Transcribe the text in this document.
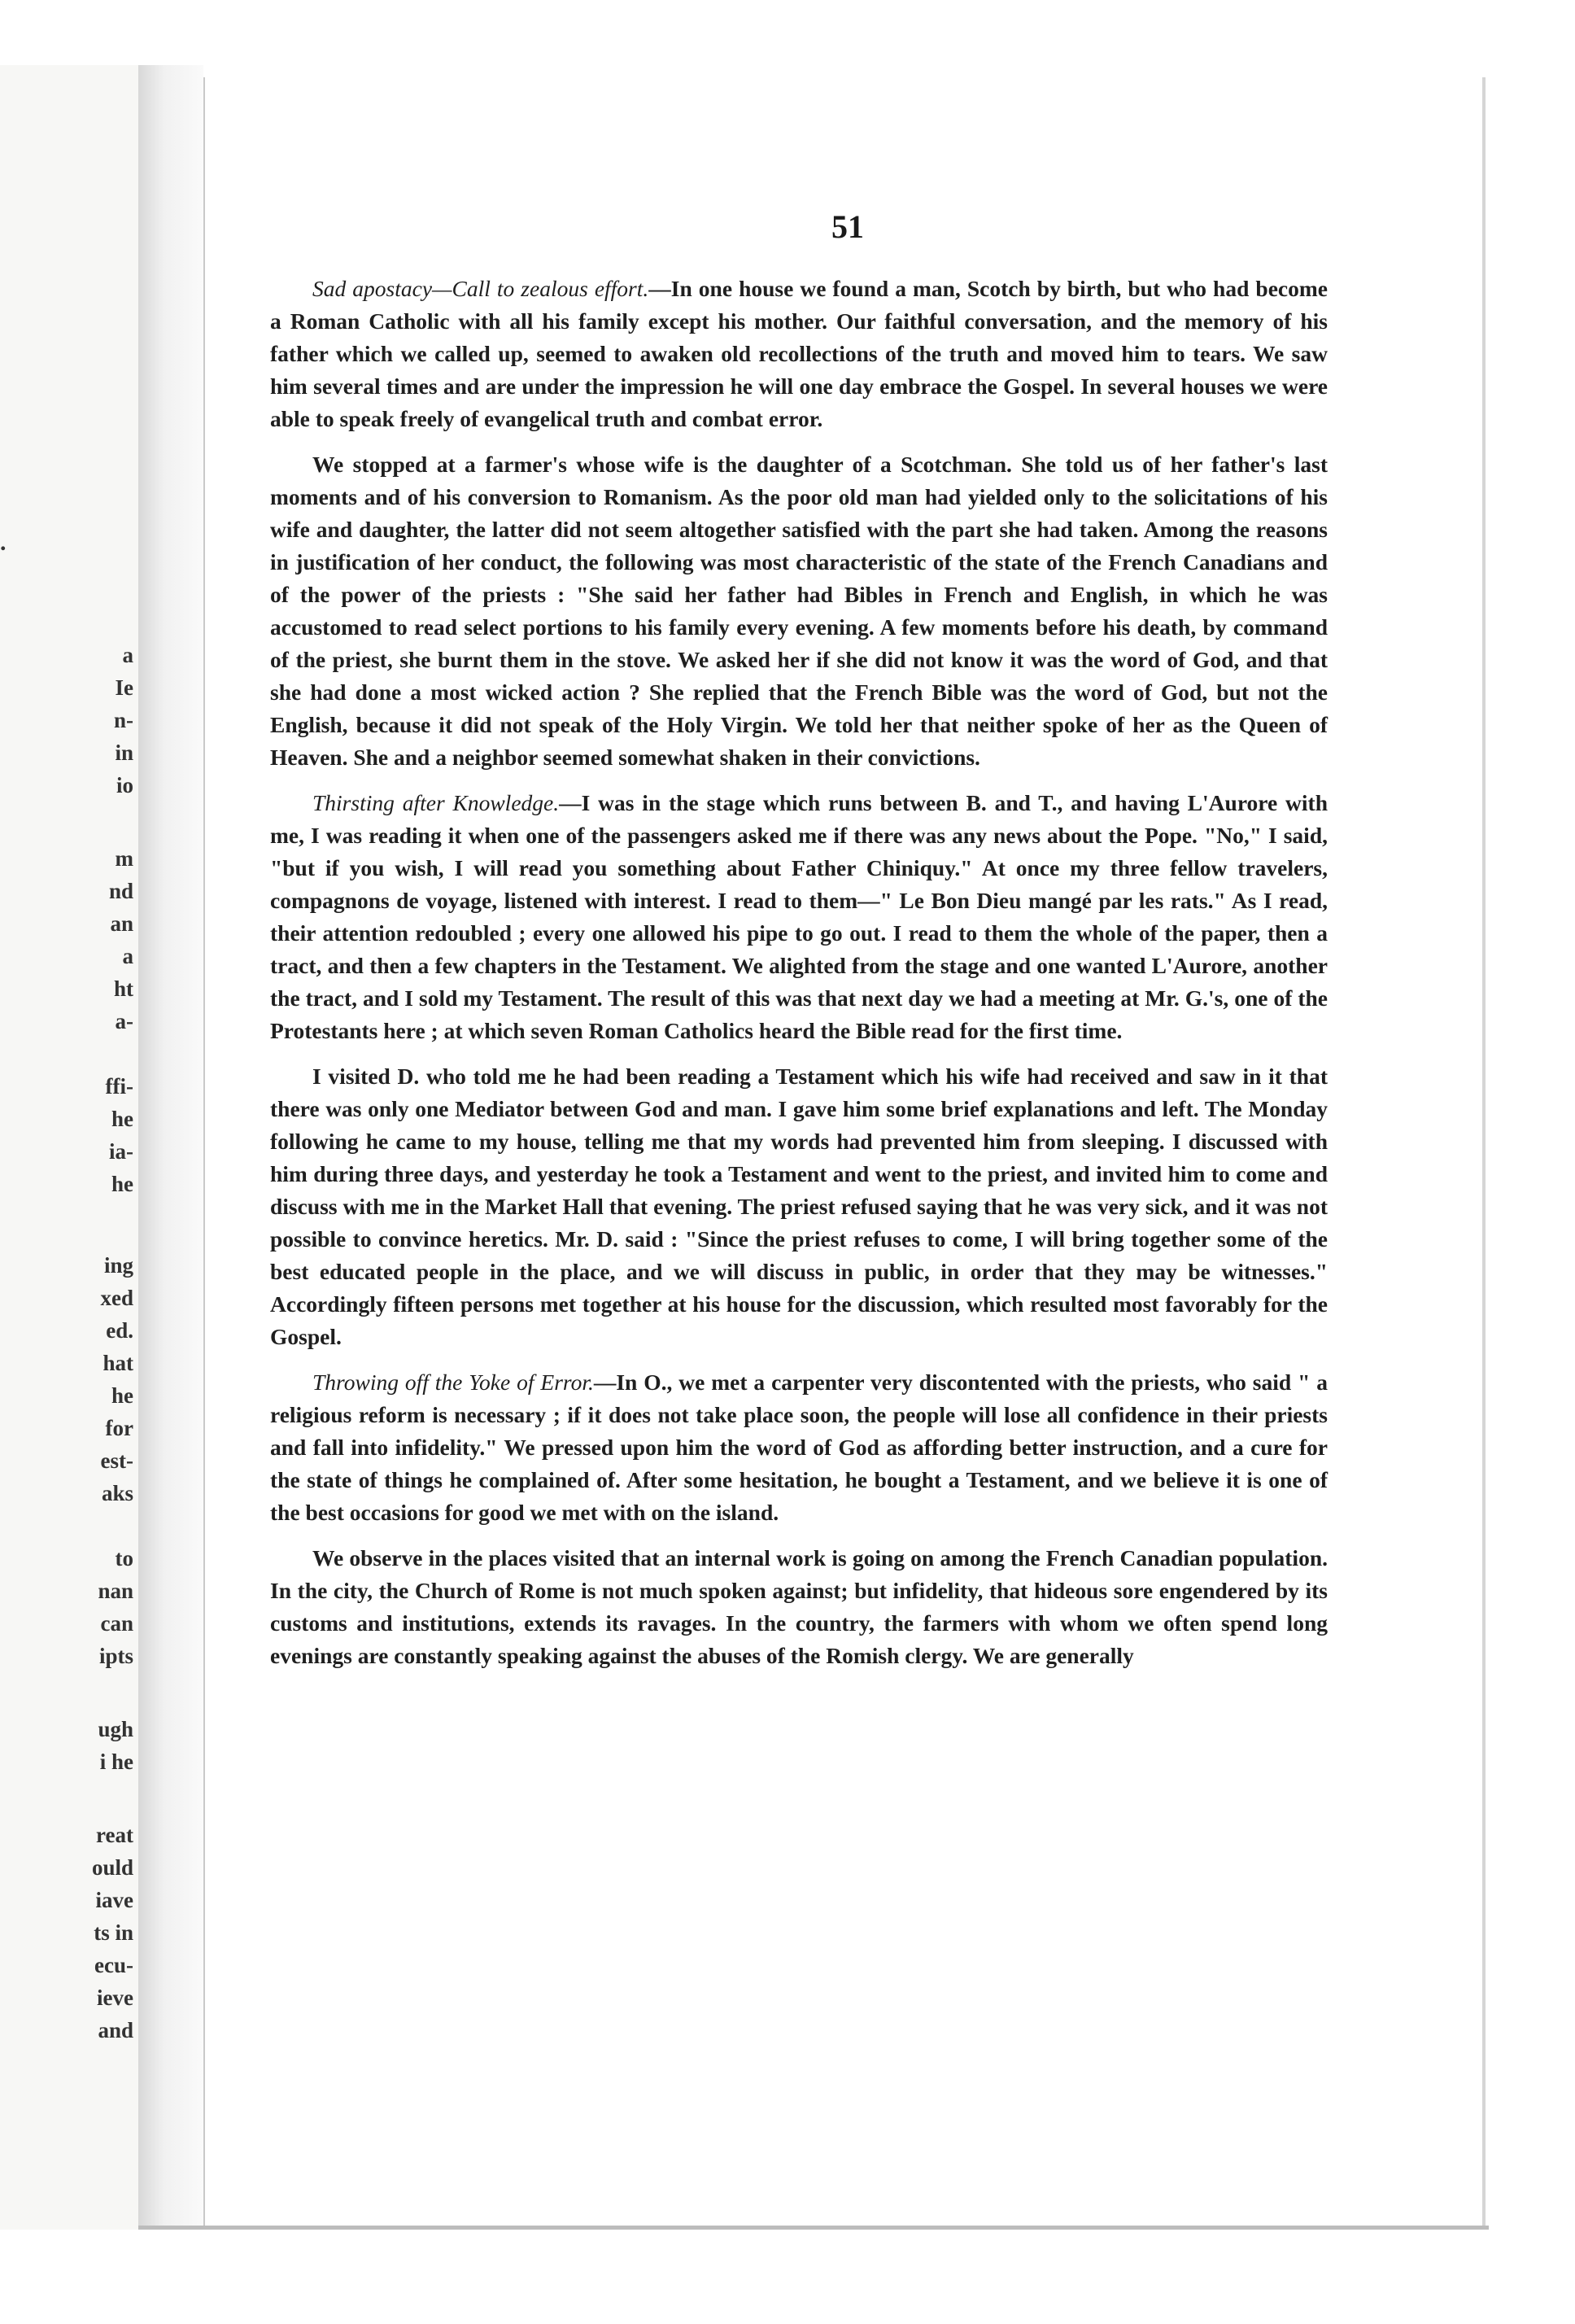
.
a
Ie
n-
in
io
m
nd
an
a
ht
a-
ffi-
he
ia-
he
ing
xed
ed.
hat
he
for
est-
aks
to
nan
can
ipts
ugh
i he
reat
ould
iave
ts in
ecu-
ieve
and
51

Sad apostacy—Call to zealous effort.—In one house we found a man, Scotch by birth, but who had become a Roman Catholic with all his family except his mother. Our faithful conversation, and the memory of his father which we called up, seemed to awaken old recollections of the truth and moved him to tears. We saw him several times and are under the impression he will one day embrace the Gospel. In several houses we were able to speak freely of evangelical truth and combat error.

We stopped at a farmer's whose wife is the daughter of a Scotchman. She told us of her father's last moments and of his conversion to Romanism. As the poor old man had yielded only to the solicitations of his wife and daughter, the latter did not seem altogether satisfied with the part she had taken. Among the reasons in justification of her conduct, the following was most characteristic of the state of the French Canadians and of the power of the priests : "She said her father had Bibles in French and English, in which he was accustomed to read select portions to his family every evening. A few moments before his death, by command of the priest, she burnt them in the stove. We asked her if she did not know it was the word of God, and that she had done a most wicked action ? She replied that the French Bible was the word of God, but not the English, because it did not speak of the Holy Virgin. We told her that neither spoke of her as the Queen of Heaven. She and a neighbor seemed somewhat shaken in their convictions.

Thirsting after Knowledge.—I was in the stage which runs between B. and T., and having L'Aurore with me, I was reading it when one of the passengers asked me if there was any news about the Pope. "No," I said, "but if you wish, I will read you something about Father Chiniquy." At once my three fellow travelers, compagnons de voyage, listened with interest. I read to them—" Le Bon Dieu mangé par les rats." As I read, their attention redoubled ; every one allowed his pipe to go out. I read to them the whole of the paper, then a tract, and then a few chapters in the Testament. We alighted from the stage and one wanted L'Aurore, another the tract, and I sold my Testament. The result of this was that next day we had a meeting at Mr. G.'s, one of the Protestants here ; at which seven Roman Catholics heard the Bible read for the first time.

I visited D. who told me he had been reading a Testament which his wife had received and saw in it that there was only one Mediator between God and man. I gave him some brief explanations and left. The Monday following he came to my house, telling me that my words had prevented him from sleeping. I discussed with him during three days, and yesterday he took a Testament and went to the priest, and invited him to come and discuss with me in the Market Hall that evening. The priest refused saying that he was very sick, and it was not possible to convince heretics. Mr. D. said : "Since the priest refuses to come, I will bring together some of the best educated people in the place, and we will discuss in public, in order that they may be witnesses." Accordingly fifteen persons met together at his house for the discussion, which resulted most favorably for the Gospel.

Throwing off the Yoke of Error.—In O., we met a carpenter very discontented with the priests, who said " a religious reform is necessary ; if it does not take place soon, the people will lose all confidence in their priests and fall into infidelity." We pressed upon him the word of God as affording better instruction, and a cure for the state of things he complained of. After some hesitation, he bought a Testament, and we believe it is one of the best occasions for good we met with on the island.

We observe in the places visited that an internal work is going on among the French Canadian population. In the city, the Church of Rome is not much spoken against; but infidelity, that hideous sore engendered by its customs and institutions, extends its ravages. In the country, the farmers with whom we often spend long evenings are constantly speaking against the abuses of the Romish clergy. We are generally
